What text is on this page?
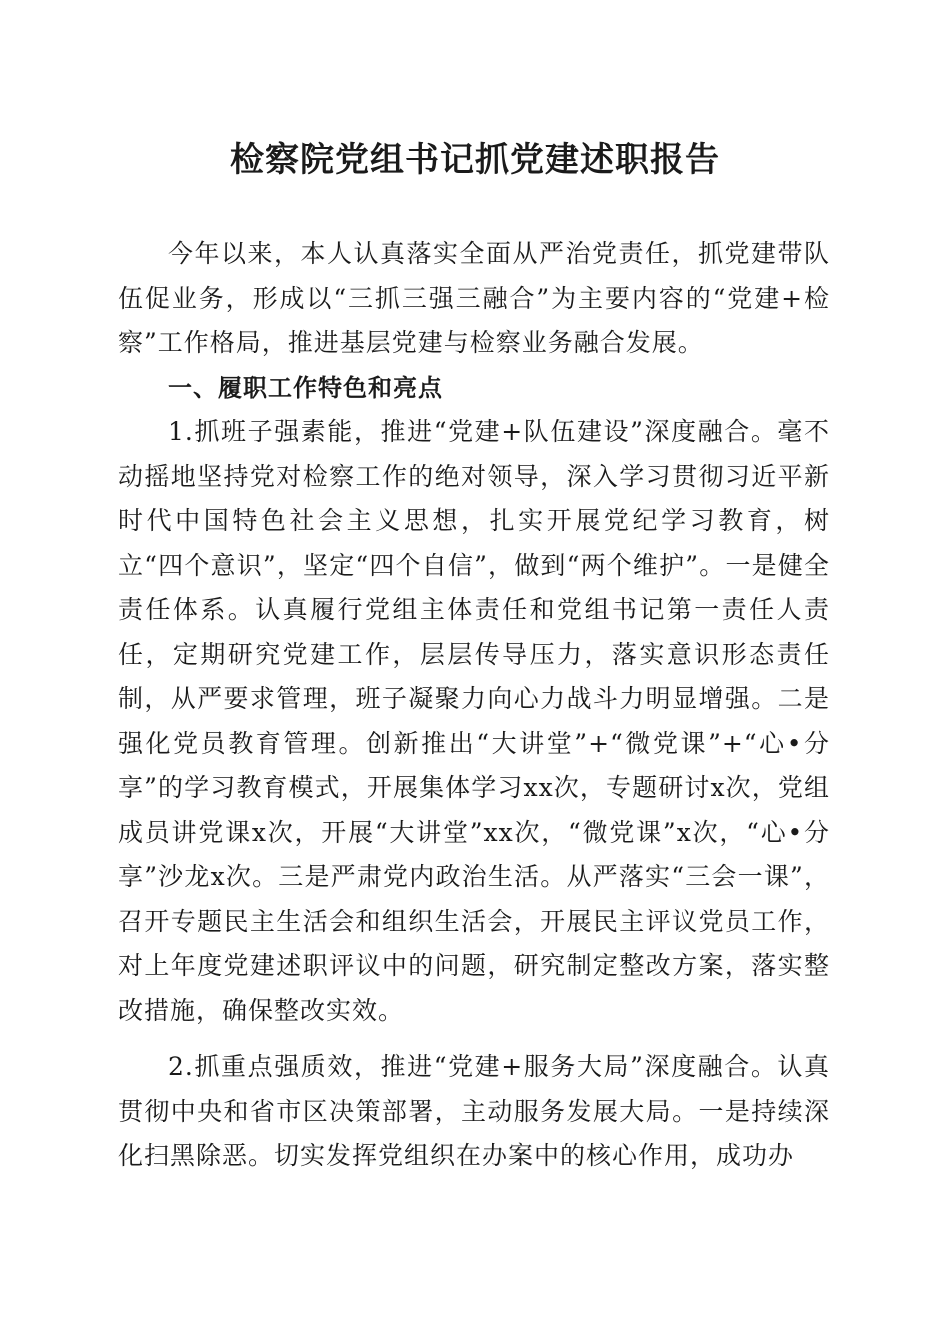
检察院党组书记抓党建述职报告

今年以来，本人认真落实全面从严治党责任，抓党建带队伍促业务，形成以“三抓三强三融合”为主要内容的“党建+检察”工作格局，推进基层党建与检察业务融合发展。

一、履职工作特色和亮点

1.抓班子强素能，推进“党建+队伍建设”深度融合。毫不动摇地坚持党对检察工作的绝对领导，深入学习贯彻习近平新时代中国特色社会主义思想，扎实开展党纪学习教育，树立“四个意识”，坚定“四个自信”，做到“两个维护”。一是健全责任体系。认真履行党组主体责任和党组书记第一责任人责任，定期研究党建工作，层层传导压力，落实意识形态责任制，从严要求管理，班子凝聚力向心力战斗力明显增强。二是强化党员教育管理。创新推出“大讲堂”+“微党课”+“心•分享”的学习教育模式，开展集体学习xx次，专题研讨x次，党组成员讲党课x次，开展“大讲堂”xx次，“微党课”x次，“心•分享”沙龙x次。三是严肃党内政治生活。从严落实“三会一课”，召开专题民主生活会和组织生活会，开展民主评议党员工作，对上年度党建述职评议中的问题，研究制定整改方案，落实整改措施，确保整改实效。

2.抓重点强质效，推进“党建+服务大局”深度融合。认真贯彻中央和省市区决策部署，主动服务发展大局。一是持续深化扫黑除恶。切实发挥党组织在办案中的核心作用，成功办
